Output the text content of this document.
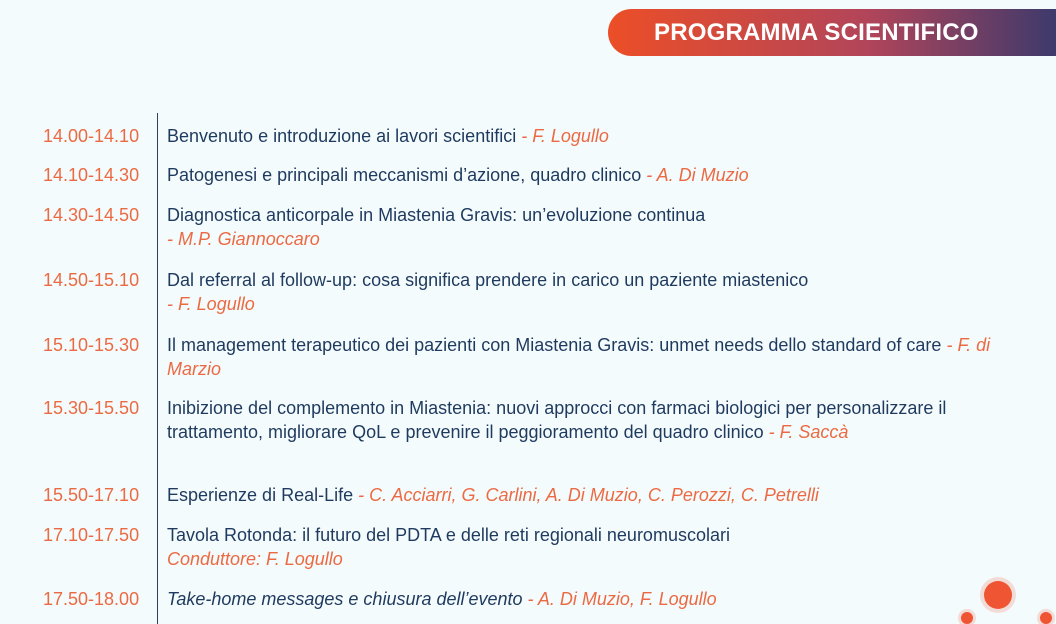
PROGRAMMA SCIENTIFICO
14.00-14.10	Benvenuto e introduzione ai lavori scientifici - F. Logullo
14.10-14.30	Patogenesi e principali meccanismi d’azione, quadro clinico - A. Di Muzio
14.30-14.50	Diagnostica anticorpale in Miastenia Gravis: un’evoluzione continua
- M.P. Giannoccaro
14.50-15.10	Dal referral al follow-up: cosa significa prendere in carico un paziente miastenico
- F. Logullo
15.10-15.30	Il management terapeutico dei pazienti con Miastenia Gravis: unmet needs dello standard of care - F. di Marzio
15.30-15.50	Inibizione del complemento in Miastenia: nuovi approcci con farmaci biologici per personalizzare il trattamento, migliorare QoL e prevenire il peggioramento del quadro clinico - F. Saccà
15.50-17.10	Esperienze di Real-Life - C. Acciarri, G. Carlini, A. Di Muzio, C. Perozzi, C. Petrelli
17.10-17.50	Tavola Rotonda: il futuro del PDTA e delle reti regionali neuromuscolari
Conduttore: F. Logullo
17.50-18.00	Take-home messages e chiusura dell’evento - A. Di Muzio, F. Logullo
